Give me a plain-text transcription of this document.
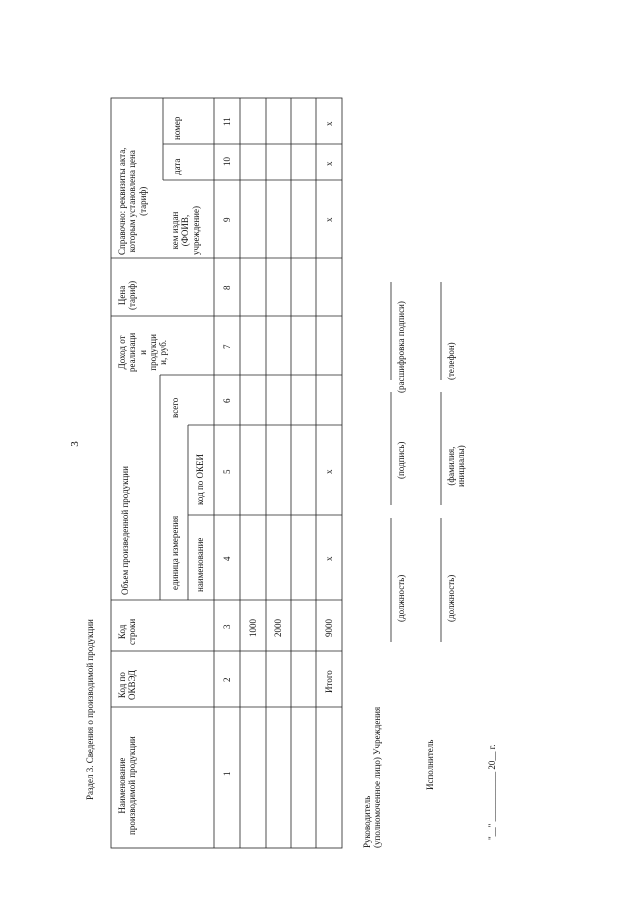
3
Раздел 3. Сведения о производимой продукции Наименование производимой продукции
Код по ОКВЭД
Код строки
Объем произведенной продукции	единица измерения наименование
код по ОКЕИ
всего
Доход от реализаци и продукци и, руб.
Цена (тариф)
Справочно: реквизиты акта, которым установлена цена (тариф)
кем издан (ФОИВ, учреждение)
дата
номер
1
2
3
4
5
6
7
8
9
10
11
1000 2000
Итого
9000
х
х
х
х
х
Руководитель (уполномоченное лицо) Учреждения
(должность)
(подпись)
(расшифровка подписи)
Исполнитель
(должность)
(фамилия, инициалы)
(телефон)
"__" ___________ 20__ г.
